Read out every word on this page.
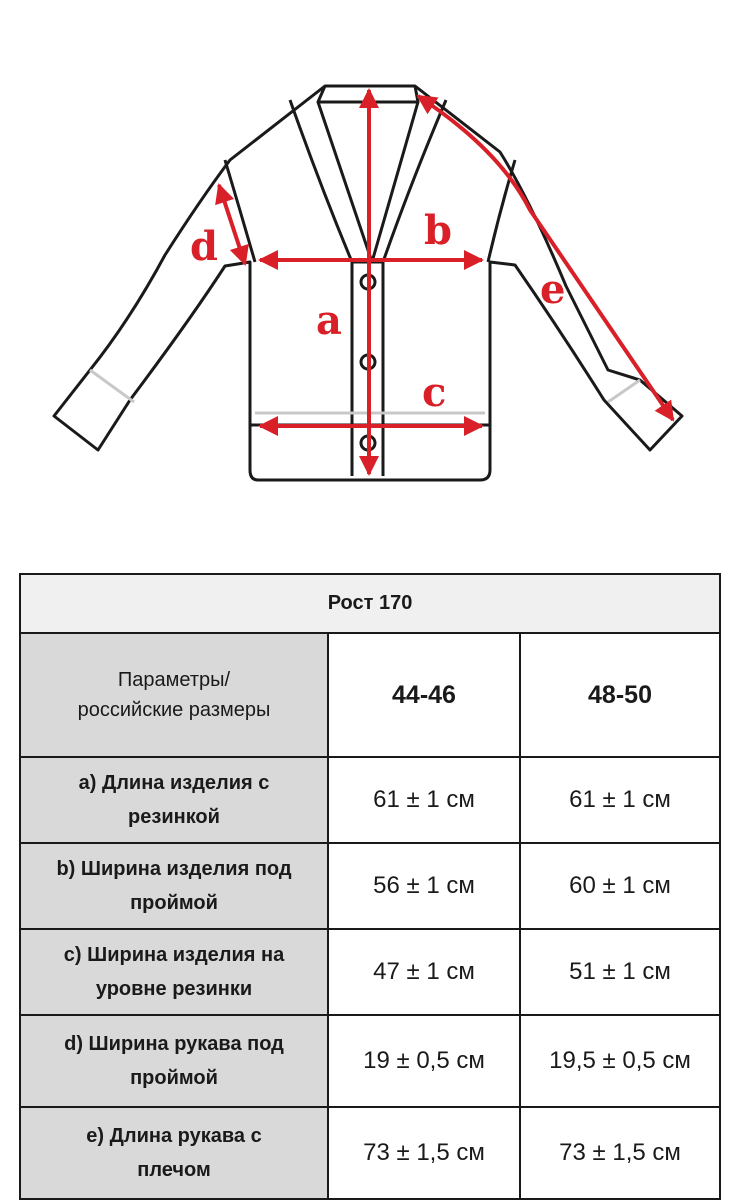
a
b
c
d
e
Рост 170		
Параметры/
российские размеры	44-46	48-50
a) Длина изделия с
резинкой	61 ± 1 см	61 ± 1 см
b) Ширина изделия под
проймой	56 ± 1 см	60 ± 1 см
c) Ширина изделия на
уровне резинки	47 ± 1 см	51 ± 1 см
d) Ширина рукава под
проймой	19 ± 0,5 см	19,5 ± 0,5 см
e) Длина рукава с
плечом	73 ± 1,5 см	73 ± 1,5 см
